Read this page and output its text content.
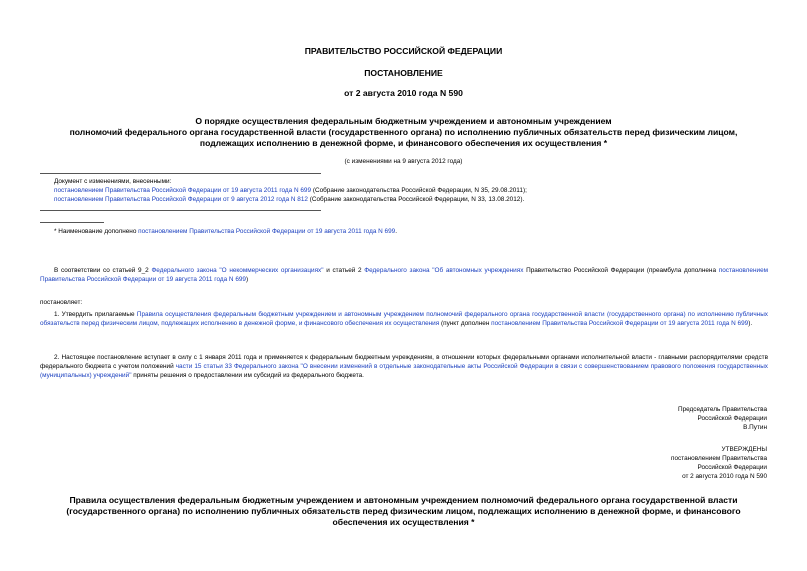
ПРАВИТЕЛЬСТВО РОССИЙСКОЙ ФЕДЕРАЦИИ
ПОСТАНОВЛЕНИЕ
от 2 августа 2010 года N 590
О порядке осуществления федеральным бюджетным учреждением и автономным учреждением
полномочий федерального органа государственной власти (государственного органа) по исполнению публичных обязательств перед физическим лицом,
подлежащих исполнению в денежной форме, и финансового обеспечения их осуществления *
(с изменениями на 9 августа 2012 года)
Документ с изменениями, внесенными:
постановлением Правительства Российской Федерации от 19 августа 2011 года N 699 (Собрание законодательства Российской Федерации, N 35, 29.08.2011);
постановлением Правительства Российской Федерации от 9 августа 2012 года N 812 (Собрание законодательства Российской Федерации, N 33, 13.08.2012).
* Наименование дополнено постановлением Правительства Российской Федерации от 19 августа 2011 года N 699.
В соответствии со статьей 9_2 Федерального закона "О некоммерческих организациях" и статьей 2 Федерального закона "Об автономных учреждениях Правительство Российской Федерации (преамбула дополнена постановлением Правительства Российской Федерации от 19 августа 2011 года N 699)
постановляет:
1. Утвердить прилагаемые Правила осуществления федеральным бюджетным учреждением и автономным учреждением полномочий федерального органа государственной власти (государственного органа) по исполнению публичных обязательств перед физическим лицом, подлежащих исполнению в денежной форме, и финансового обеспечения их осуществления (пункт дополнен постановлением Правительства Российской Федерации от 19 августа 2011 года N 699).
2. Настоящее постановление вступает в силу с 1 января 2011 года и применяется к федеральным бюджетным учреждениям, в отношении которых федеральными органами исполнительной власти - главными распорядителями средств федерального бюджета с учетом положений части 15 статьи 33 Федерального закона "О внесении изменений в отдельные законодательные акты Российской Федерации в связи с совершенствованием правового положения государственных (муниципальных) учреждений" приняты решения о предоставлении им субсидий из федерального бюджета.
Председатель Правительства
Российской Федерации
В.Путин
УТВЕРЖДЕНЫ
постановлением Правительства
Российской Федерации
от 2 августа 2010 года N 590
Правила осуществления федеральным бюджетным учреждением и автономным учреждением полномочий федерального органа государственной власти
(государственного органа) по исполнению публичных обязательств перед физическим лицом, подлежащих исполнению в денежной форме, и финансового
обеспечения их осуществления *
